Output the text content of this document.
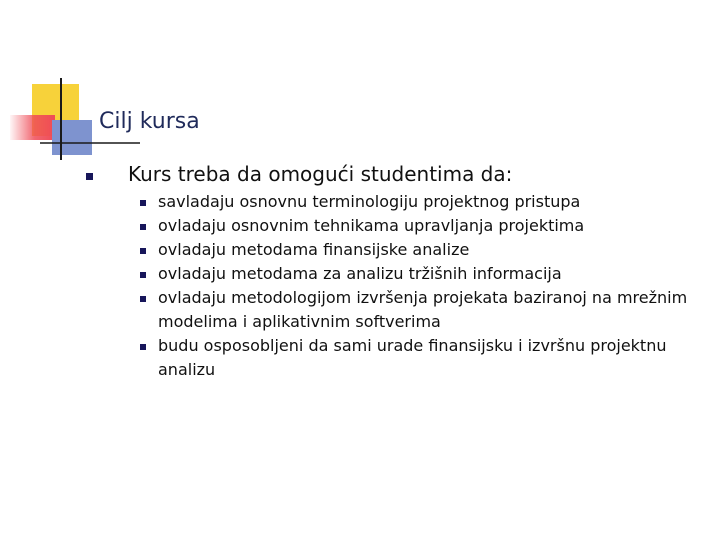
Cilj kursa
Kurs treba da omogući studentima da:
savladaju osnovnu terminologiju projektnog pristupa
ovladaju osnovnim tehnikama upravljanja projektima
ovladaju metodama finansijske analize
ovladaju metodama za analizu tržišnih informacija
ovladaju metodologijom izvršenja projekata baziranoj na mrežnim modelima i aplikativnim softverima
budu osposobljeni da sami urade finansijsku i izvršnu projektnu analizu
